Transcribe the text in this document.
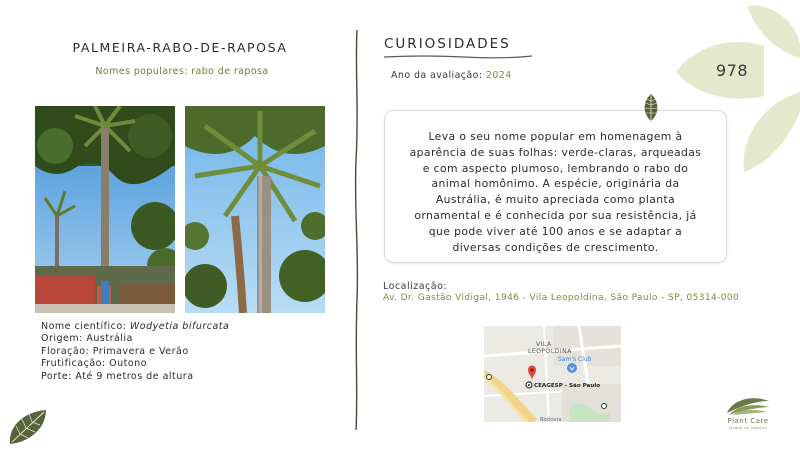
PALMEIRA-RABO-DE-RAPOSA
Nomes populares: rabo de raposa
Nome científico: Wodyetia bifurcata
Origem: Austrália
Floração: Primavera e Verão
Frutificação: Outono
Porte: Até 9 metros de altura
CURIOSIDADES
Ano da avaliação: 2024
Leva o seu nome popular em homenagem à
aparência de suas folhas: verde-claras, arqueadas
e com aspecto plumoso, lembrando o rabo do
animal homônimo. A espécie, originária da
Austrália, é muito apreciada como planta
ornamental e é conhecida por sua resistência, já
que pode viver até 100 anos e se adaptar a
diversas condições de crescimento.
Localização:
Av. Dr. Gastão Vidigal, 1946 - Vila Leopoldina, São Paulo - SP, 05314-000
VILA
LEOPOLDINA
Sam's Club
CEAGESP - São Paulo
Rodovia
978
Plant Care
jardim de plantas
